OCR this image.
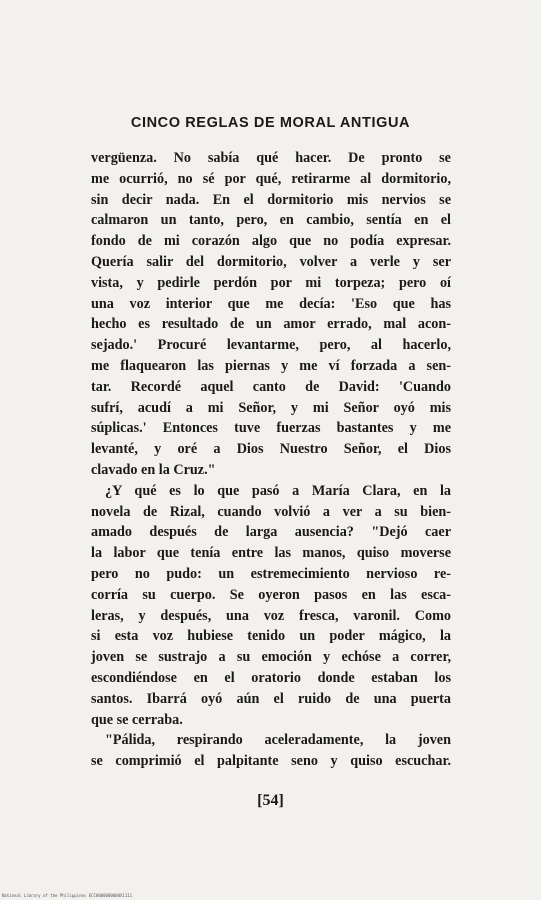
CINCO REGLAS DE MORAL ANTIGUA
vergüenza. No sabía qué hacer. De pronto se
me ocurrió, no sé por qué, retirarme al dormitorio,
sin decir nada. En el dormitorio mis nervios se
calmaron un tanto, pero, en cambio, sentía en el
fondo de mi corazón algo que no podía expresar.
Quería salir del dormitorio, volver a verle y ser
vista, y pedirle perdón por mi torpeza; pero oí
una voz interior que me decía: 'Eso que has
hecho es resultado de un amor errado, mal acon-
sejado.' Procuré levantarme, pero, al hacerlo,
me flaquearon las piernas y me ví forzada a sen-
tar. Recordé aquel canto de David: 'Cuando
sufrí, acudí a mi Señor, y mi Señor oyó mis
súplicas.' Entonces tuve fuerzas bastantes y me
levanté, y oré a Dios Nuestro Señor, el Dios
clavado en la Cruz."
¿Y qué es lo que pasó a María Clara, en la
novela de Rizal, cuando volvió a ver a su bien-
amado después de larga ausencia? "Dejó caer
la labor que tenía entre las manos, quiso moverse
pero no pudo: un estremecimiento nervioso re-
corría su cuerpo. Se oyeron pasos en las esca-
leras, y después, una voz fresca, varonil. Como
si esta voz hubiese tenido un poder mágico, la
joven se sustrajo a su emoción y echóse a correr,
escondiéndose en el oratorio donde estaban los
santos. Ibarrá oyó aún el ruido de una puerta
que se cerraba.
"Pálida, respirando aceleradamente, la joven
se comprimió el palpitante seno y quiso escuchar.
[54]
National Library of the Philippines ECC0000000000X1111
